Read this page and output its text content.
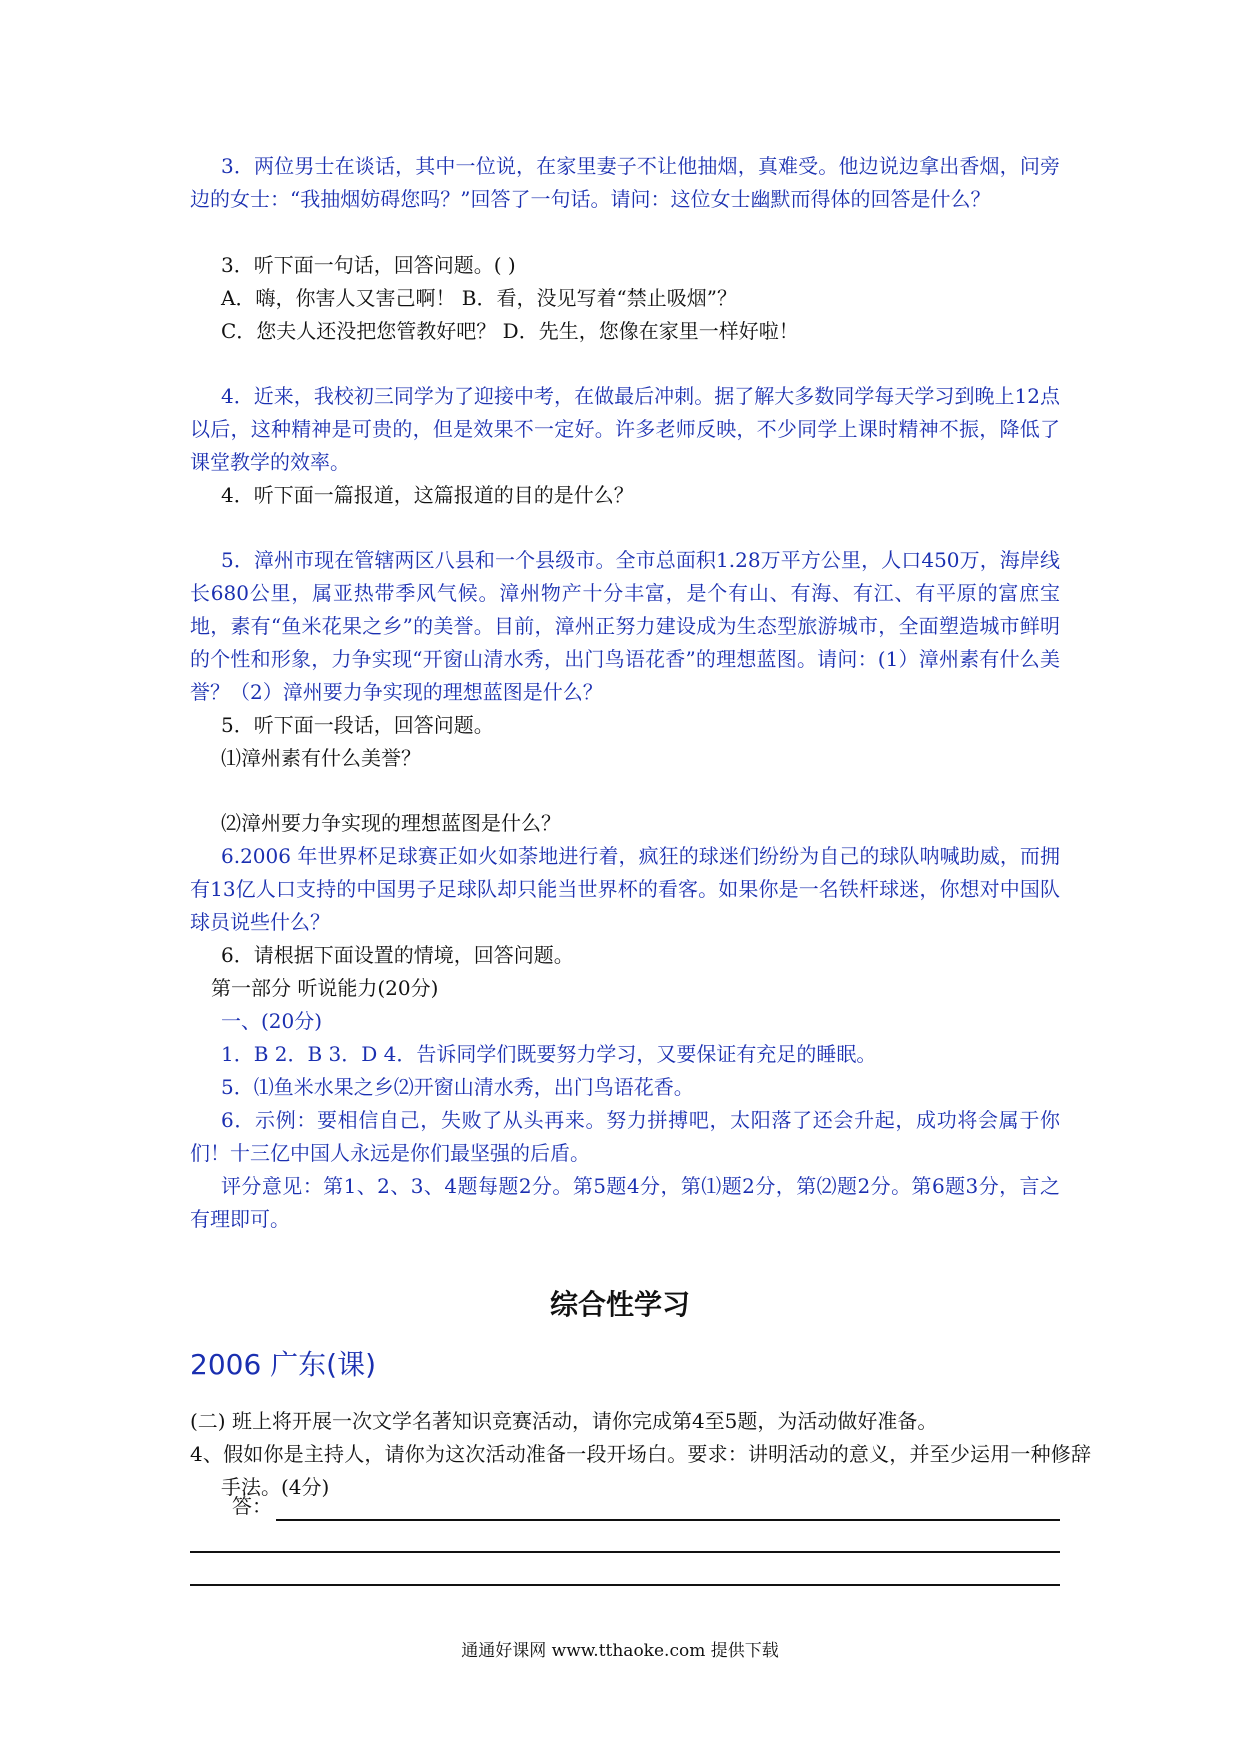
3．两位男士在谈话，其中一位说，在家里妻子不让他抽烟，真难受。他边说边拿出香烟，问旁边的女士：“我抽烟妨碍您吗？”回答了一句话。请问：这位女士幽默而得体的回答是什么？

3．听下面一句话，回答问题。( )

A．嗨，你害人又害己啊！ B．看，没见写着“禁止吸烟”？

C．您夫人还没把您管教好吧？ D．先生，您像在家里一样好啦！

4．近来，我校初三同学为了迎接中考，在做最后冲刺。据了解大多数同学每天学习到晚上12点以后，这种精神是可贵的，但是效果不一定好。许多老师反映，不少同学上课时精神不振，降低了课堂教学的效率。

4．听下面一篇报道，这篇报道的目的是什么？

5．漳州市现在管辖两区八县和一个县级市。全市总面积1.28万平方公里，人口450万，海岸线长680公里，属亚热带季风气候。漳州物产十分丰富，是个有山、有海、有江、有平原的富庶宝地，素有“鱼米花果之乡”的美誉。目前，漳州正努力建设成为生态型旅游城市，全面塑造城市鲜明的个性和形象，力争实现“开窗山清水秀，出门鸟语花香”的理想蓝图。请问：(1）漳州素有什么美誉？（2）漳州要力争实现的理想蓝图是什么？

5．听下面一段话，回答问题。

⑴漳州素有什么美誉？

⑵漳州要力争实现的理想蓝图是什么？

6.2006 年世界杯足球赛正如火如荼地进行着，疯狂的球迷们纷纷为自己的球队呐喊助威，而拥有13亿人口支持的中国男子足球队却只能当世界杯的看客。如果你是一名铁杆球迷，你想对中国队球员说些什么？

6．请根据下面设置的情境，回答问题。

第一部分 听说能力(20分)

一、(20分)

1．B 2．B 3．D 4．告诉同学们既要努力学习，又要保证有充足的睡眠。

5．⑴鱼米水果之乡⑵开窗山清水秀，出门鸟语花香。

6．示例：要相信自己，失败了从头再来。努力拼搏吧，太阳落了还会升起，成功将会属于你们！十三亿中国人永远是你们最坚强的后盾。

评分意见：第1、2、3、4题每题2分。第5题4分，第⑴题2分，第⑵题2分。第6题3分，言之有理即可。

综合性学习
2006 广东(课)

(二) 班上将开展一次文学名著知识竞赛活动，请你完成第4至5题，为活动做好准备。

4、假如你是主持人，请你为这次活动准备一段开场白。要求：讲明活动的意义，并至少运用一种修辞手法。(4分)

答：
通通好课网 www.tthaoke.com 提供下载
